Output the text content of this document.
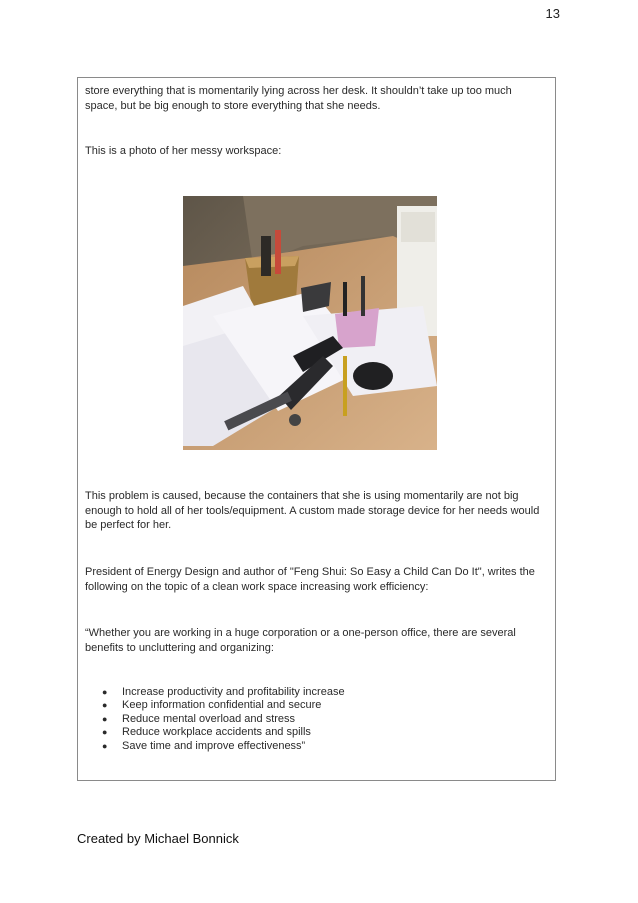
13

store everything that is momentarily lying across her desk. It shouldn’t take up too much space, but be big enough to store everything that she needs.

This is a photo of her messy workspace:

This problem is caused, because the containers that she is using momentarily are not big enough to hold all of her tools/equipment. A custom made storage device for her needs would be perfect for her.

President of Energy Design and author of "Feng Shui: So Easy a Child Can Do It", writes the following on the topic of a clean work space increasing work efficiency:

“Whether you are working in a huge corporation or a one-person office, there are several benefits to uncluttering and organizing:

● Increase productivity and profitability increase
● Keep information confidential and secure
● Reduce mental overload and stress
● Reduce workplace accidents and spills
● Save time and improve effectiveness”
Created by Michael Bonnick
